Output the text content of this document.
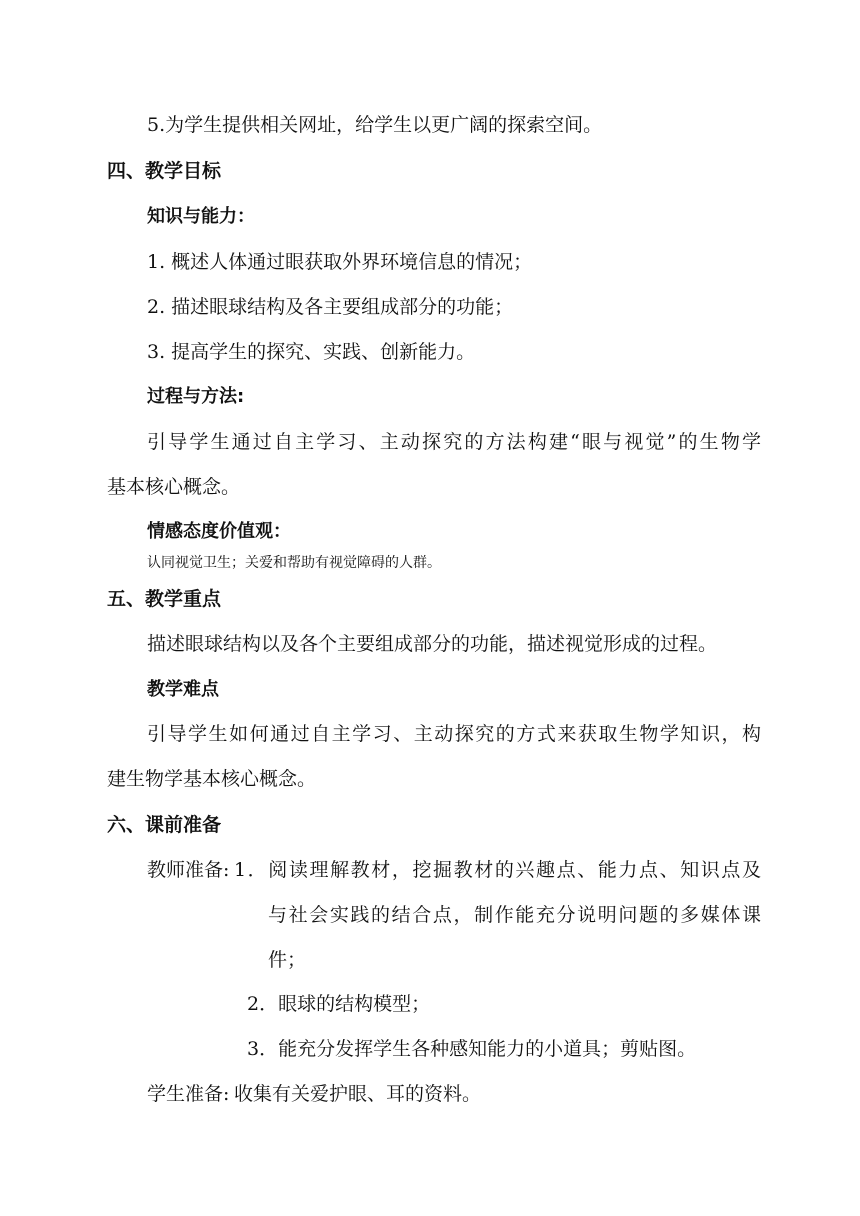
5.为学生提供相关网址，给学生以更广阔的探索空间。
四、教学目标
知识与能力：
1. 概述人体通过眼获取外界环境信息的情况；
2. 描述眼球结构及各主要组成部分的功能；
3. 提高学生的探究、实践、创新能力。
过程与方法:
引导学生通过自主学习、主动探究的方法构建“眼与视觉”的生物学
基本核心概念。
情感态度价值观：
认同视觉卫生；关爱和帮助有视觉障碍的人群。
五、教学重点
描述眼球结构以及各个主要组成部分的功能，描述视觉形成的过程。
教学难点
引导学生如何通过自主学习、主动探究的方式来获取生物学知识，构
建生物学基本核心概念。
六、课前准备
教师准备: 1．阅读理解教材，挖掘教材的兴趣点、能力点、知识点及
与社会实践的结合点，制作能充分说明问题的多媒体课
件；
2．眼球的结构模型；
3．能充分发挥学生各种感知能力的小道具；剪贴图。
学生准备: 收集有关爱护眼、耳的资料。
